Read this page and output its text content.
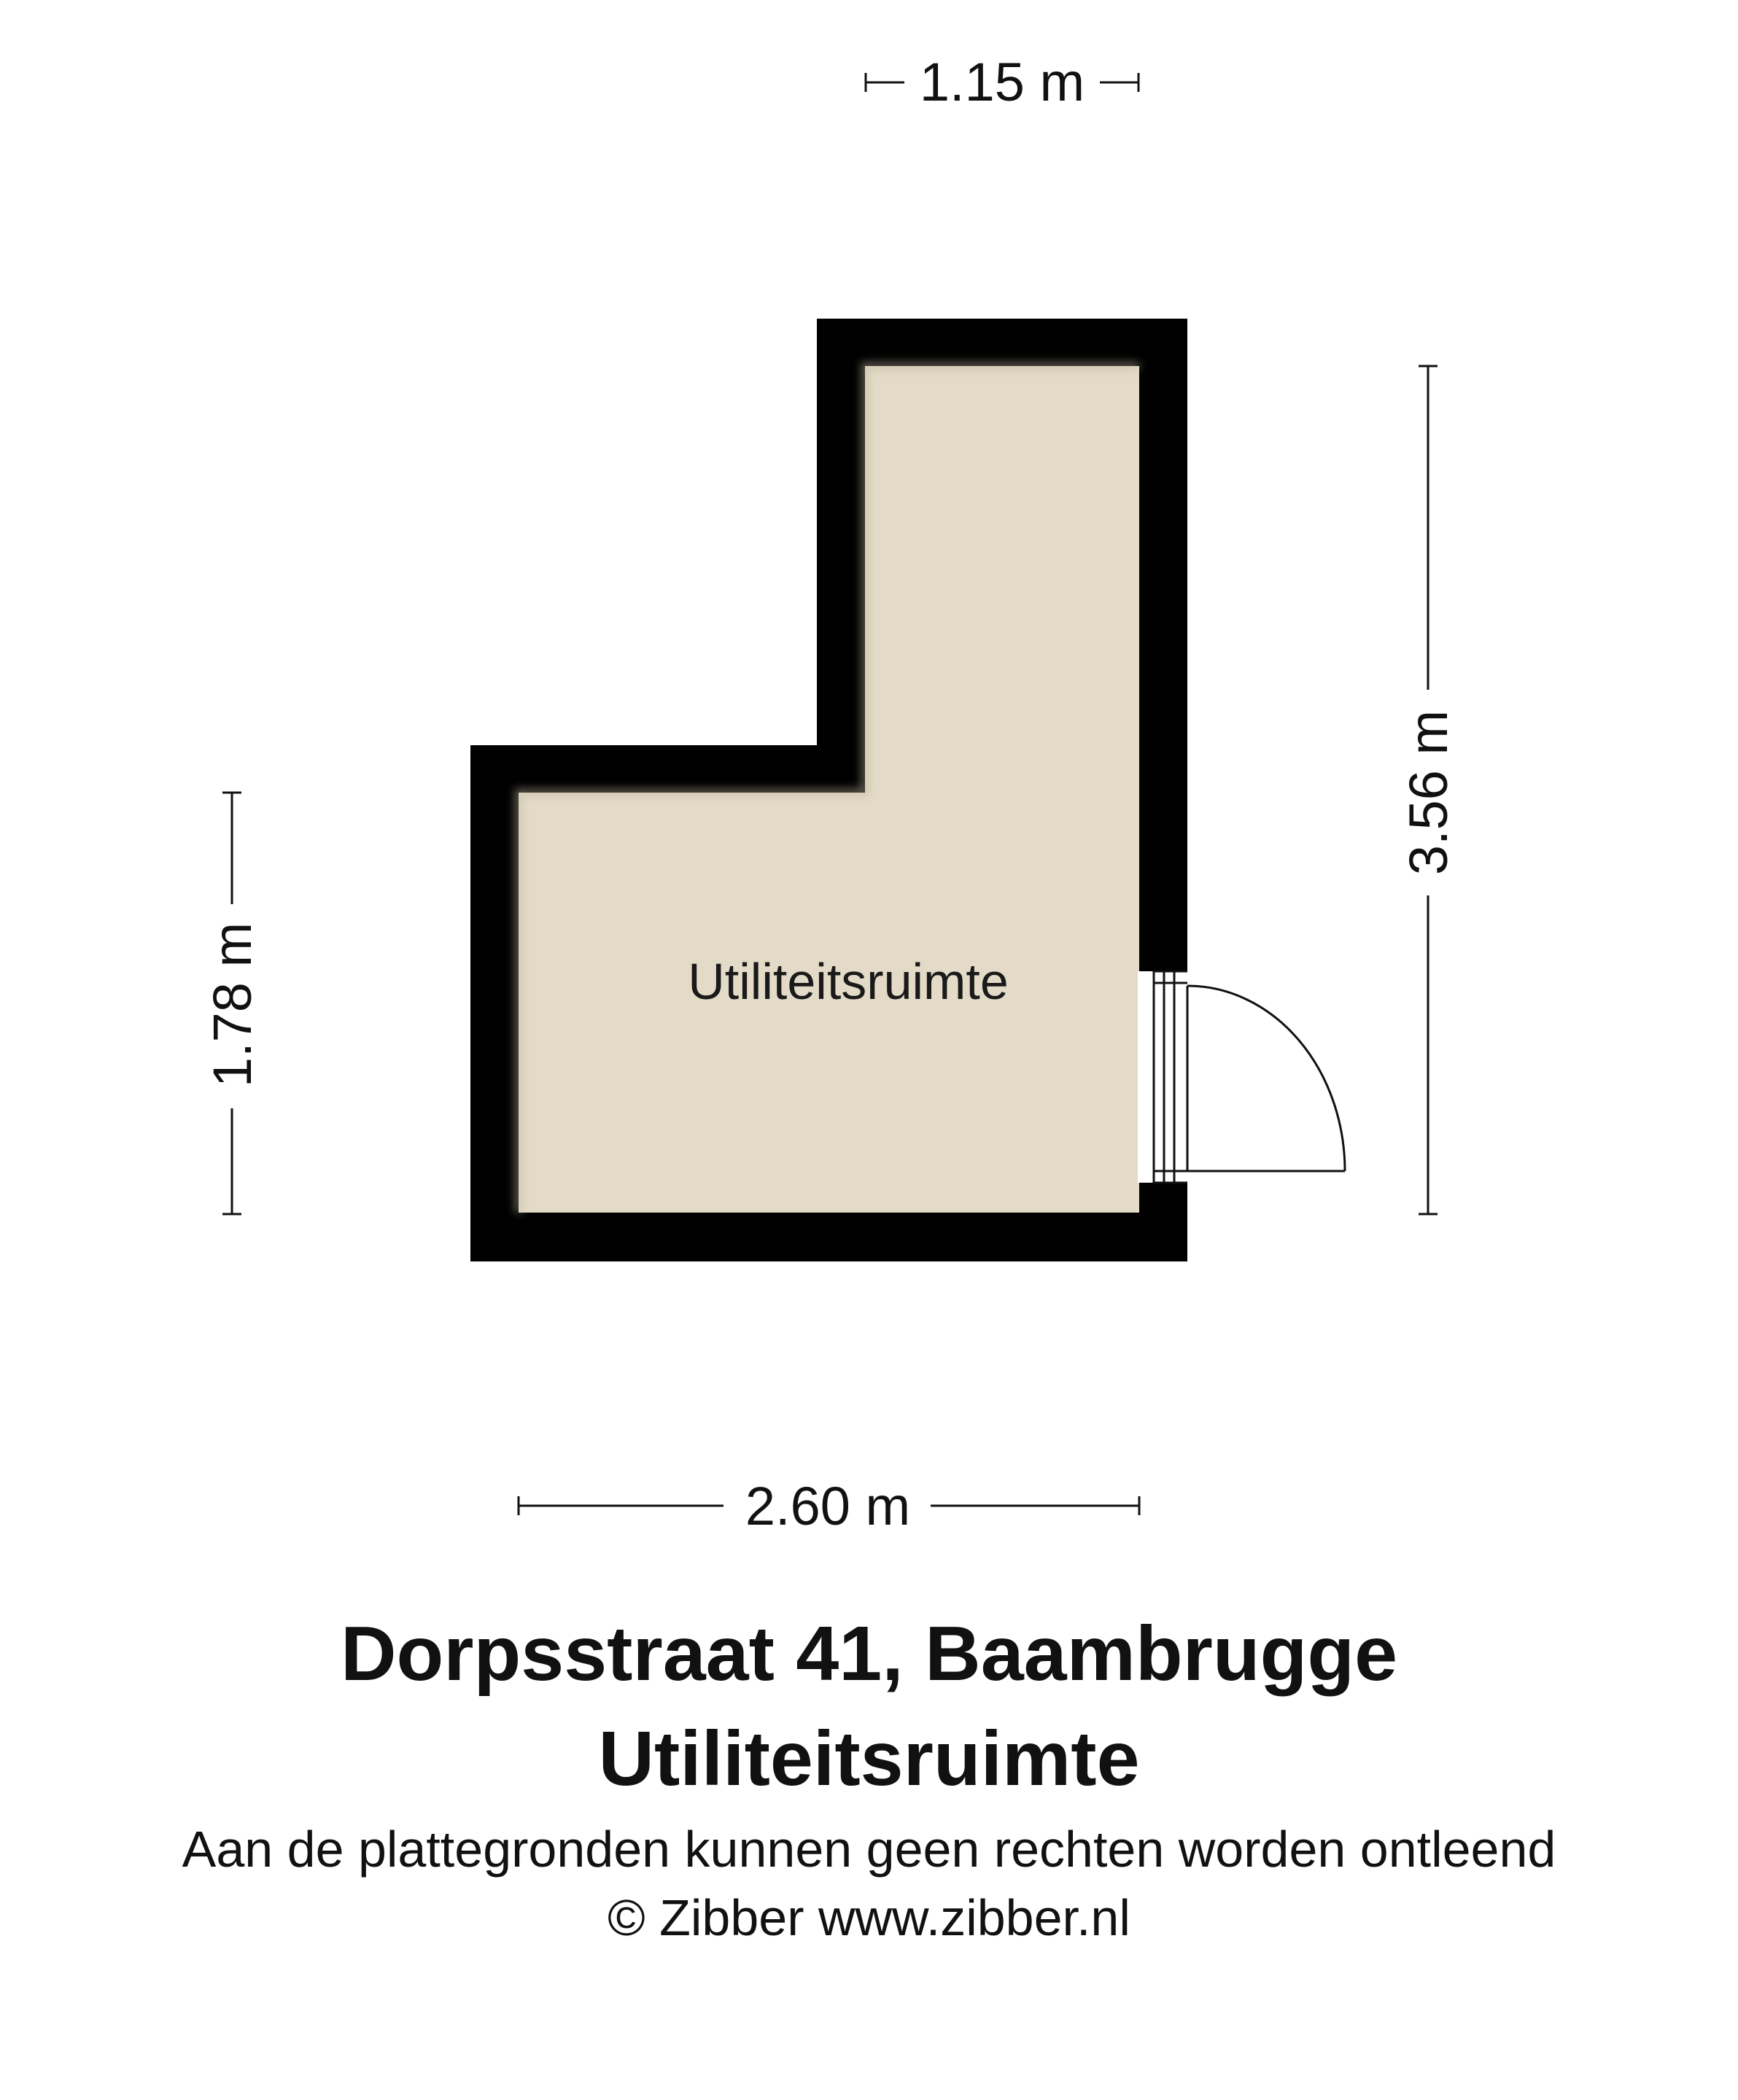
Utiliteitsruimte
1.15 m
2.60 m
1.78 m
3.56 m

Dorpsstraat 41, Baambrugge

Utiliteitsruimte

Aan de plattegronden kunnen geen rechten worden ontleend

© Zibber www.zibber.nl
